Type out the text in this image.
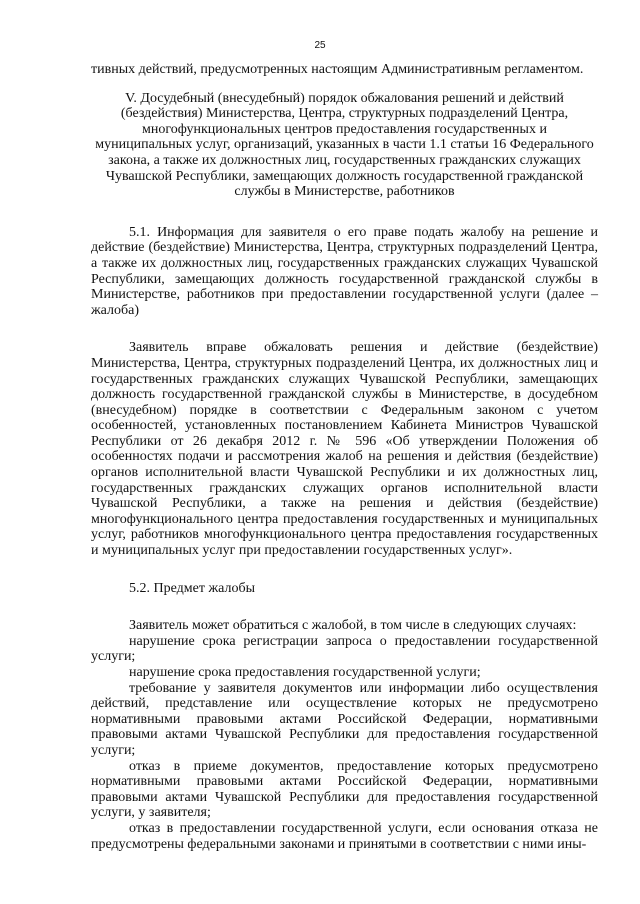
25

тивных действий, предусмотренных настоящим Административным регламентом.

V. Досудебный (внесудебный) порядок обжалования решений и действий (бездействия) Министерства, Центра, структурных подразделений Центра, многофункциональных центров предоставления государственных и муниципальных услуг, организаций, указанных в части 1.1 статьи 16 Федерального закона, а также их должностных лиц, государственных гражданских служащих Чувашской Республики, замещающих должность государственной гражданской службы в Министерстве, работников

5.1. Информация для заявителя о его праве подать жалобу на решение и действие (бездействие) Министерства, Центра, структурных подразделений Центра, а также их должностных лиц, государственных гражданских служащих Чувашской Республики, замещающих должность государственной гражданской службы в Министерстве, работников при предоставлении государственной услуги (далее – жалоба)

Заявитель вправе обжаловать решения и действие (бездействие) Министерства, Центра, структурных подразделений Центра, их должностных лиц и государственных гражданских служащих Чувашской Республики, замещающих должность государственной гражданской службы в Министерстве, в досудебном (внесудебном) порядке в соответствии с Федеральным законом с учетом особенностей, установленных постановлением Кабинета Министров Чувашской Республики от 26 декабря 2012 г. № 596 «Об утверждении Положения об особенностях подачи и рассмотрения жалоб на решения и действия (бездействие) органов исполнительной власти Чувашской Республики и их должностных лиц, государственных гражданских служащих органов исполнительной власти Чувашской Республики, а также на решения и действия (бездействие) многофункционального центра предоставления государственных и муниципальных услуг, работников многофункционального центра предоставления государственных и муниципальных услуг при предоставлении государственных услуг».

5.2. Предмет жалобы

Заявитель может обратиться с жалобой, в том числе в следующих случаях:

нарушение срока регистрации запроса о предоставлении государственной услуги;

нарушение срока предоставления государственной услуги;

требование у заявителя документов или информации либо осуществления действий, представление или осуществление которых не предусмотрено нормативными правовыми актами Российской Федерации, нормативными правовыми актами Чувашской Республики для предоставления государственной услуги;

отказ в приеме документов, предоставление которых предусмотрено нормативными правовыми актами Российской Федерации, нормативными правовыми актами Чувашской Республики для предоставления государственной услуги, у заявителя;

отказ в предоставлении государственной услуги, если основания отказа не предусмотрены федеральными законами и принятыми в соответствии с ними ины-
